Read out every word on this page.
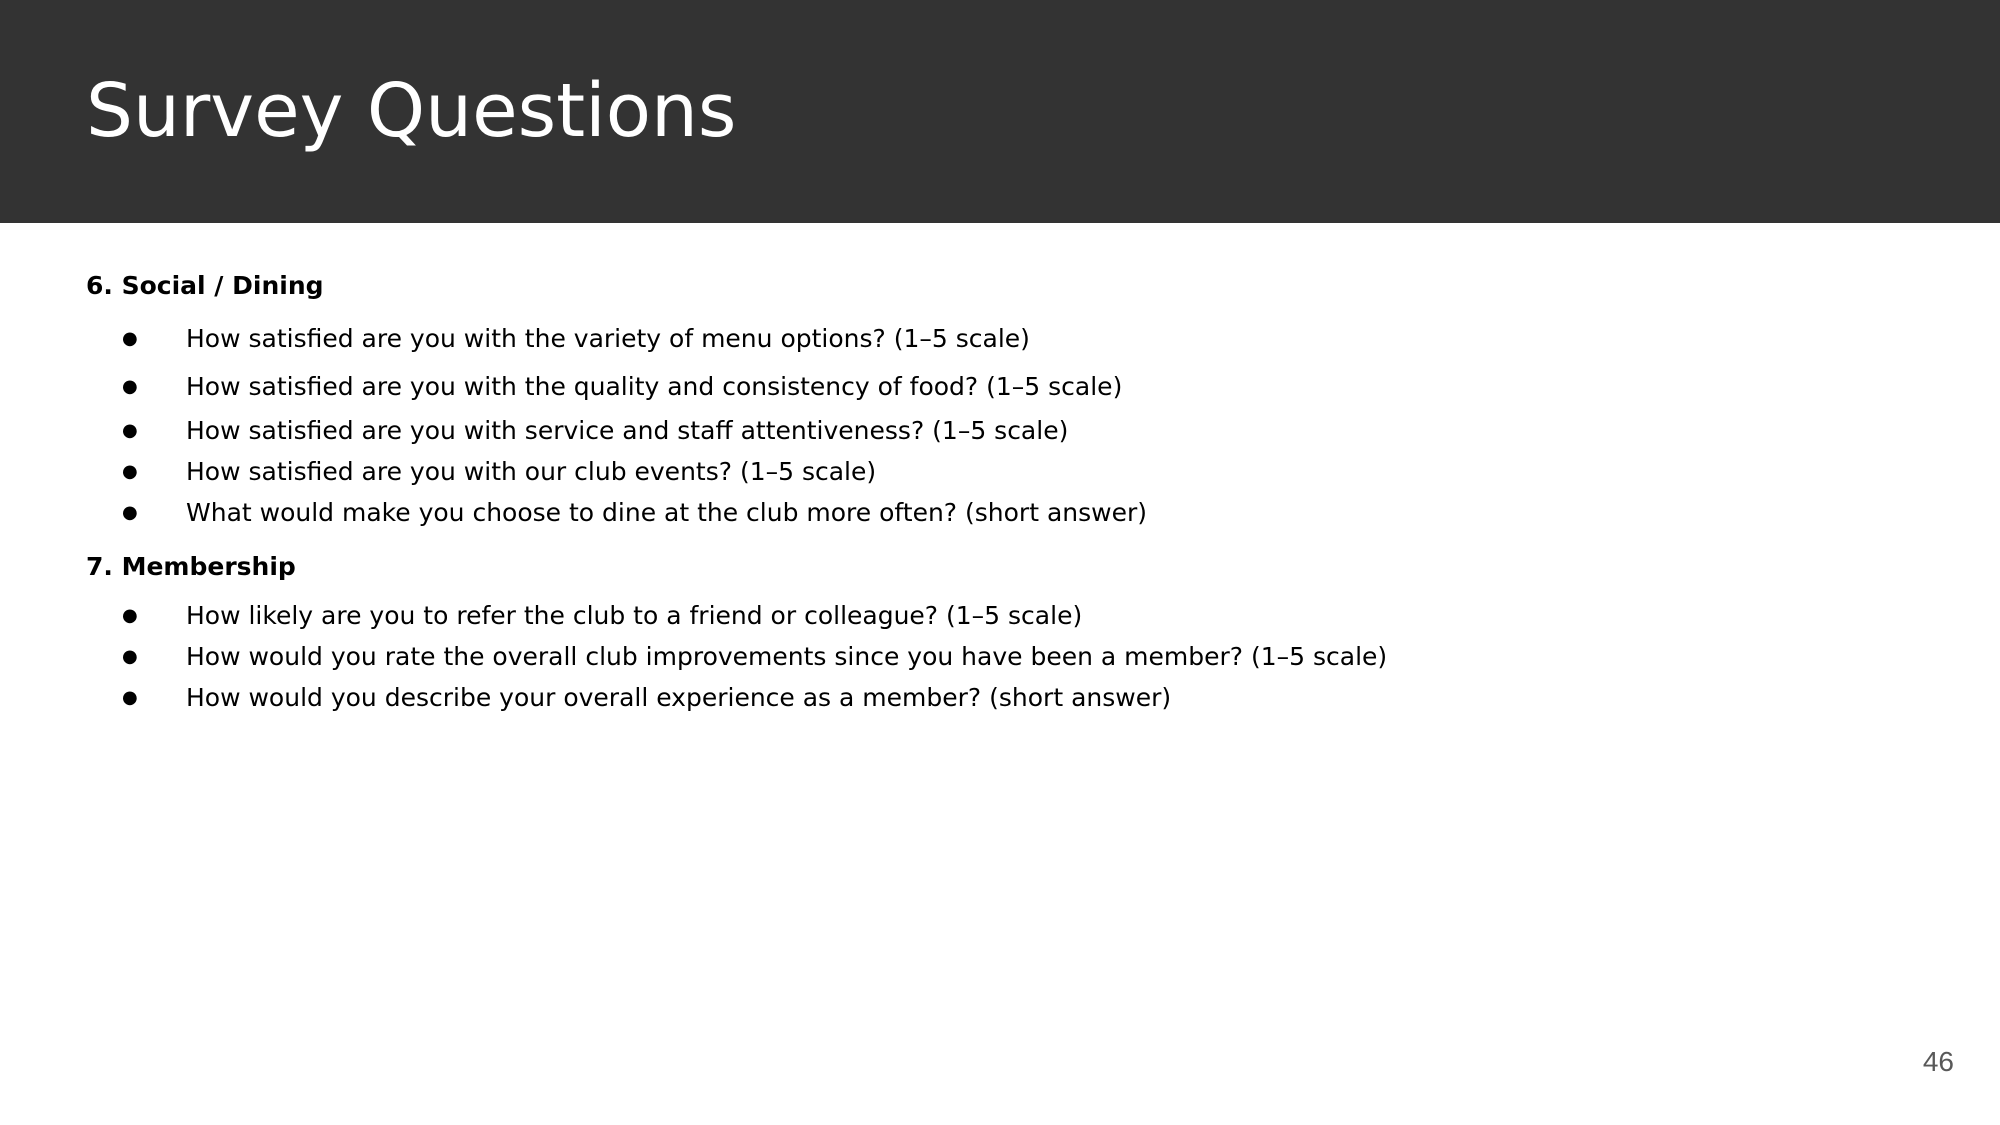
Survey Questions
6. Social / Dining
●	How satisfied are you with the variety of menu options? (1–5 scale)
●	How satisfied are you with the quality and consistency of food? (1–5 scale)
●	How satisfied are you with service and staff attentiveness? (1–5 scale)
●	How satisfied are you with our club events? (1–5 scale)
●	What would make you choose to dine at the club more often? (short answer)
7. Membership
●	How likely are you to refer the club to a friend or colleague? (1–5 scale)
●	How would you rate the overall club improvements since you have been a member? (1–5 scale)
●	How would you describe your overall experience as a member? (short answer)
46
